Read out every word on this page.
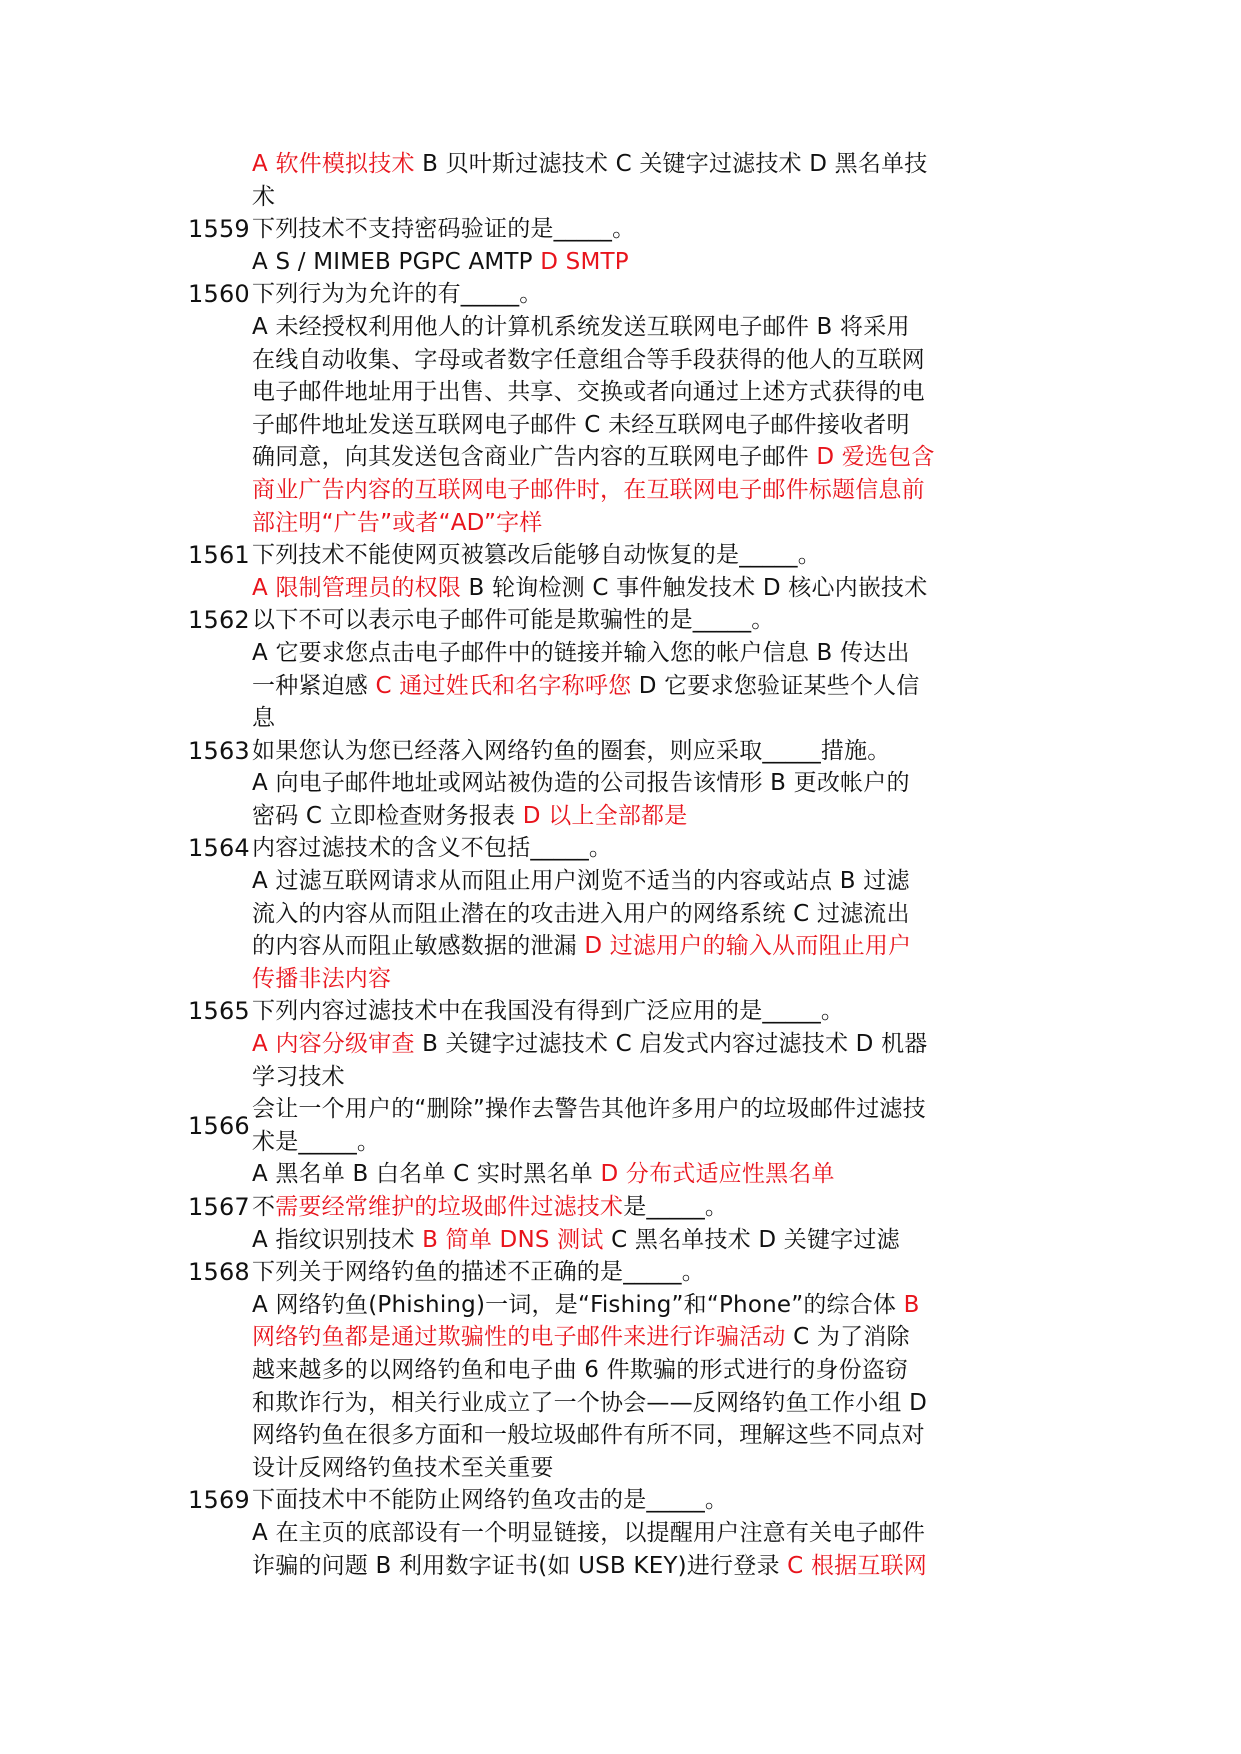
A 软件模拟技术 B 贝叶斯过滤技术 C 关键字过滤技术 D 黑名单技
术
1559 下列技术不支持密码验证的是_____。
A S / MIMEB PGPC AMTP D SMTP
1560 下列行为为允许的有_____。
A 未经授权利用他人的计算机系统发送互联网电子邮件 B 将采用
在线自动收集、字母或者数字任意组合等手段获得的他人的互联网
电子邮件地址用于出售、共享、交换或者向通过上述方式获得的电
子邮件地址发送互联网电子邮件 C 未经互联网电子邮件接收者明
确同意，向其发送包含商业广告内容的互联网电子邮件 D 爱选包含
商业广告内容的互联网电子邮件时，在互联网电子邮件标题信息前
部注明“广告”或者“AD”字样
1561 下列技术不能使网页被篡改后能够自动恢复的是_____。
A 限制管理员的权限 B 轮询检测 C 事件触发技术 D 核心内嵌技术
1562 以下不可以表示电子邮件可能是欺骗性的是_____。
A 它要求您点击电子邮件中的链接并输入您的帐户信息 B 传达出
一种紧迫感 C 通过姓氏和名字称呼您 D 它要求您验证某些个人信
息
1563 如果您认为您已经落入网络钓鱼的圈套，则应采取_____措施。
A 向电子邮件地址或网站被伪造的公司报告该情形 B 更改帐户的
密码 C 立即检查财务报表 D 以上全部都是
1564 内容过滤技术的含义不包括_____。
A 过滤互联网请求从而阻止用户浏览不适当的内容或站点 B 过滤
流入的内容从而阻止潜在的攻击进入用户的网络系统 C 过滤流出
的内容从而阻止敏感数据的泄漏 D 过滤用户的输入从而阻止用户
传播非法内容
1565 下列内容过滤技术中在我国没有得到广泛应用的是_____。
A 内容分级审查 B 关键字过滤技术 C 启发式内容过滤技术 D 机器
学习技术
1566
会让一个用户的“删除”操作去警告其他许多用户的垃圾邮件过滤技
术是_____。
A 黑名单 B 白名单 C 实时黑名单 D 分布式适应性黑名单
1567 不需要经常维护的垃圾邮件过滤技术是_____。
A 指纹识别技术 B 简单 DNS 测试 C 黑名单技术 D 关键字过滤
1568 下列关于网络钓鱼的描述不正确的是_____。
A 网络钓鱼(Phishing)一词，是“Fishing”和“Phone”的综合体 B
网络钓鱼都是通过欺骗性的电子邮件来进行诈骗活动 C 为了消除
越来越多的以网络钓鱼和电子曲 6 件欺骗的形式进行的身份盗窃
和欺诈行为，相关行业成立了一个协会——反网络钓鱼工作小组 D
网络钓鱼在很多方面和一般垃圾邮件有所不同，理解这些不同点对
设计反网络钓鱼技术至关重要
1569 下面技术中不能防止网络钓鱼攻击的是_____。
A 在主页的底部设有一个明显链接，以提醒用户注意有关电子邮件
诈骗的问题 B 利用数字证书(如 USB KEY)进行登录 C 根据互联网
